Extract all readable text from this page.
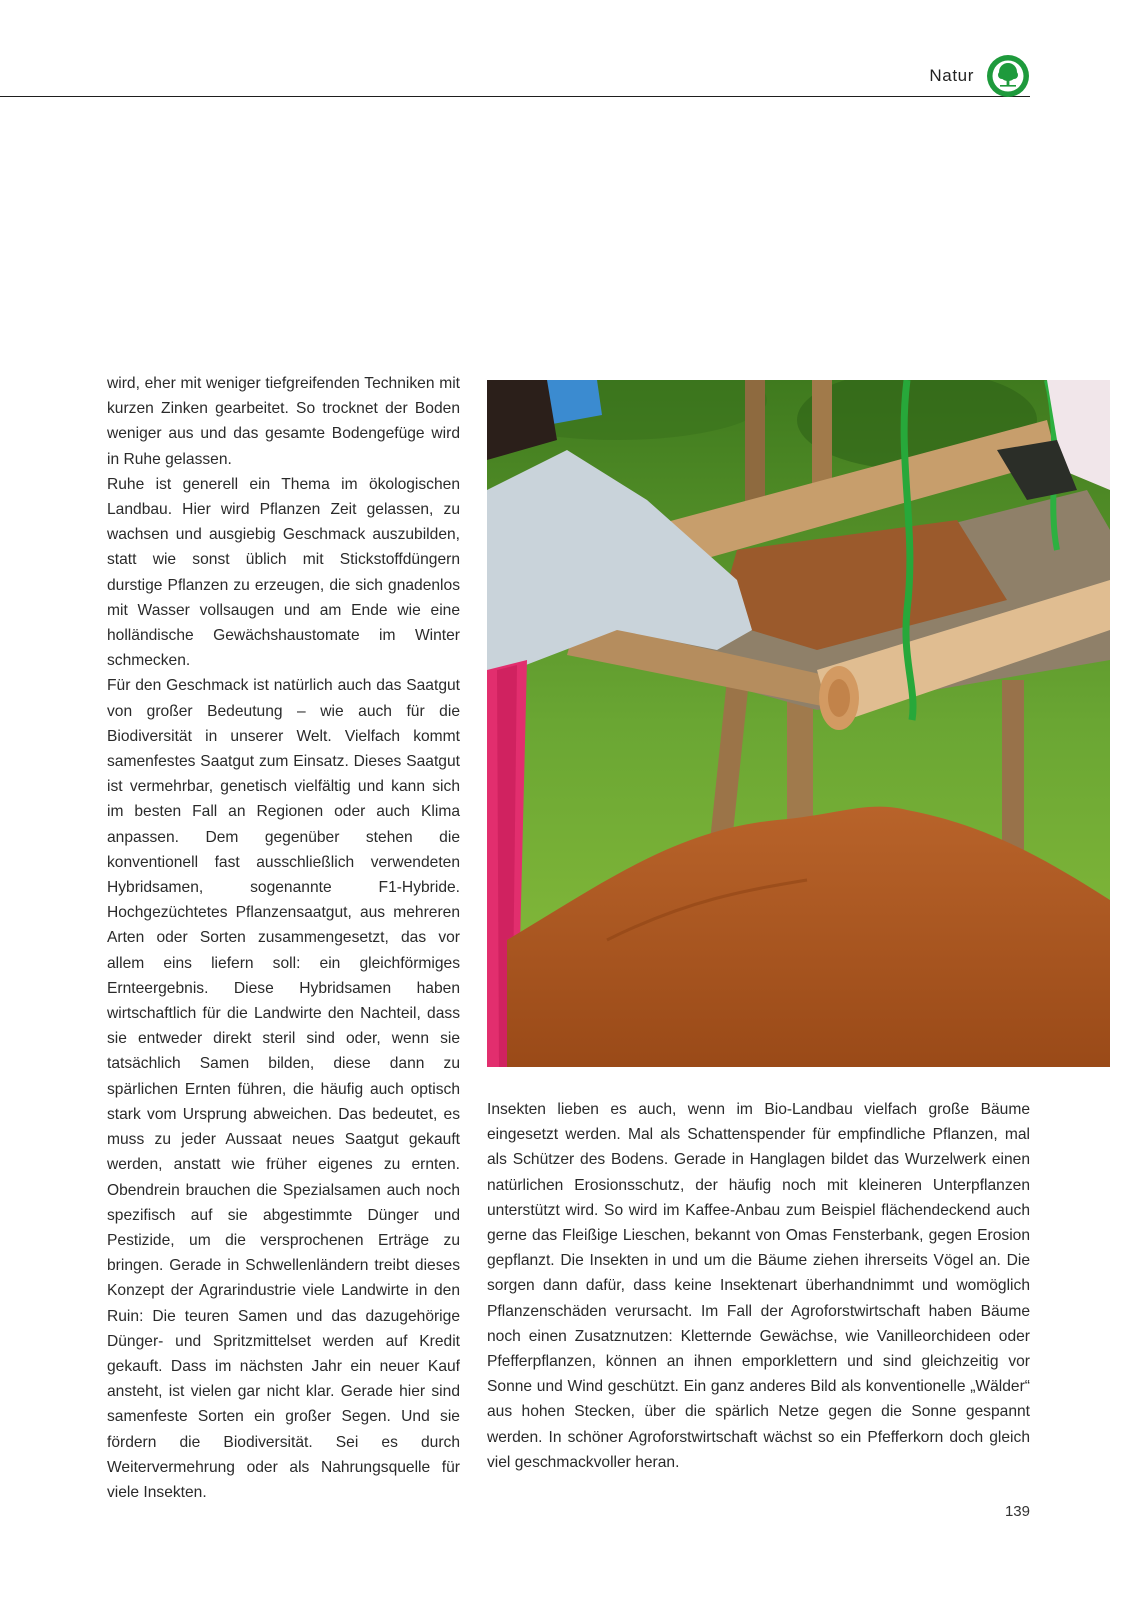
Natur

wird, eher mit weniger tiefgreifenden Techniken mit kurzen Zinken gearbeitet. So trocknet der Boden weniger aus und das gesamte Bodengefüge wird in Ruhe gelassen.

Ruhe ist generell ein Thema im ökologischen Landbau. Hier wird Pflanzen Zeit gelassen, zu wachsen und ausgiebig Geschmack auszubilden, statt wie sonst üblich mit Stickstoffdüngern durstige Pflanzen zu erzeugen, die sich gnadenlos mit Wasser vollsaugen und am Ende wie eine holländische Gewächshaustomate im Winter schmecken.

Für den Geschmack ist natürlich auch das Saatgut von großer Bedeutung – wie auch für die Biodiversität in unserer Welt. Vielfach kommt samenfestes Saatgut zum Einsatz. Dieses Saatgut ist vermehrbar, genetisch vielfältig und kann sich im besten Fall an Regionen oder auch Klima anpassen. Dem gegenüber stehen die konventionell fast ausschließlich verwendeten Hybridsamen, sogenannte F1-Hybride. Hochgezüchtetes Pflanzensaatgut, aus mehreren Arten oder Sorten zusammengesetzt, das vor allem eins liefern soll: ein gleichförmiges Ernteergebnis. Diese Hybridsamen haben wirtschaftlich für die Landwirte den Nachteil, dass sie entweder direkt steril sind oder, wenn sie tatsächlich Samen bilden, diese dann zu spärlichen Ernten führen, die häufig auch optisch stark vom Ursprung abweichen. Das bedeutet, es muss zu jeder Aussaat neues Saatgut gekauft werden, anstatt wie früher eigenes zu ernten. Obendrein brauchen die Spezialsamen auch noch spezifisch auf sie abgestimmte Dünger und Pestizide, um die versprochenen Erträge zu bringen. Gerade in Schwellenländern treibt dieses Konzept der Agrarindustrie viele Landwirte in den Ruin: Die teuren Samen und das dazugehörige Dünger- und Spritzmittelset werden auf Kredit gekauft. Dass im nächsten Jahr ein neuer Kauf ansteht, ist vielen gar nicht klar. Gerade hier sind samenfeste Sorten ein großer Segen. Und sie fördern die Biodiversität. Sei es durch Weitervermehrung oder als Nahrungsquelle für viele Insekten.

Insekten lieben es auch, wenn im Bio-Landbau vielfach große Bäume eingesetzt werden. Mal als Schattenspender für empfindliche Pflanzen, mal als Schützer des Bodens. Gerade in Hanglagen bildet das Wurzelwerk einen natürlichen Erosionsschutz, der häufig noch mit kleineren Unterpflanzen unterstützt wird. So wird im Kaffee-Anbau zum Beispiel flächendeckend auch gerne das Fleißige Lieschen, bekannt von Omas Fensterbank, gegen Erosion gepflanzt. Die Insekten in und um die Bäume ziehen ihrerseits Vögel an. Die sorgen dann dafür, dass keine Insektenart überhandnimmt und womöglich Pflanzenschäden verursacht. Im Fall der Agroforstwirtschaft haben Bäume noch einen Zusatznutzen: Kletternde Gewächse, wie Vanilleorchideen oder Pfefferpflanzen, können an ihnen emporklettern und sind gleichzeitig vor Sonne und Wind geschützt. Ein ganz anderes Bild als konventionelle „Wälder“ aus hohen Stecken, über die spärlich Netze gegen die Sonne gespannt werden. In schöner Agroforstwirtschaft wächst so ein Pfefferkorn doch gleich viel geschmackvoller heran.

139
